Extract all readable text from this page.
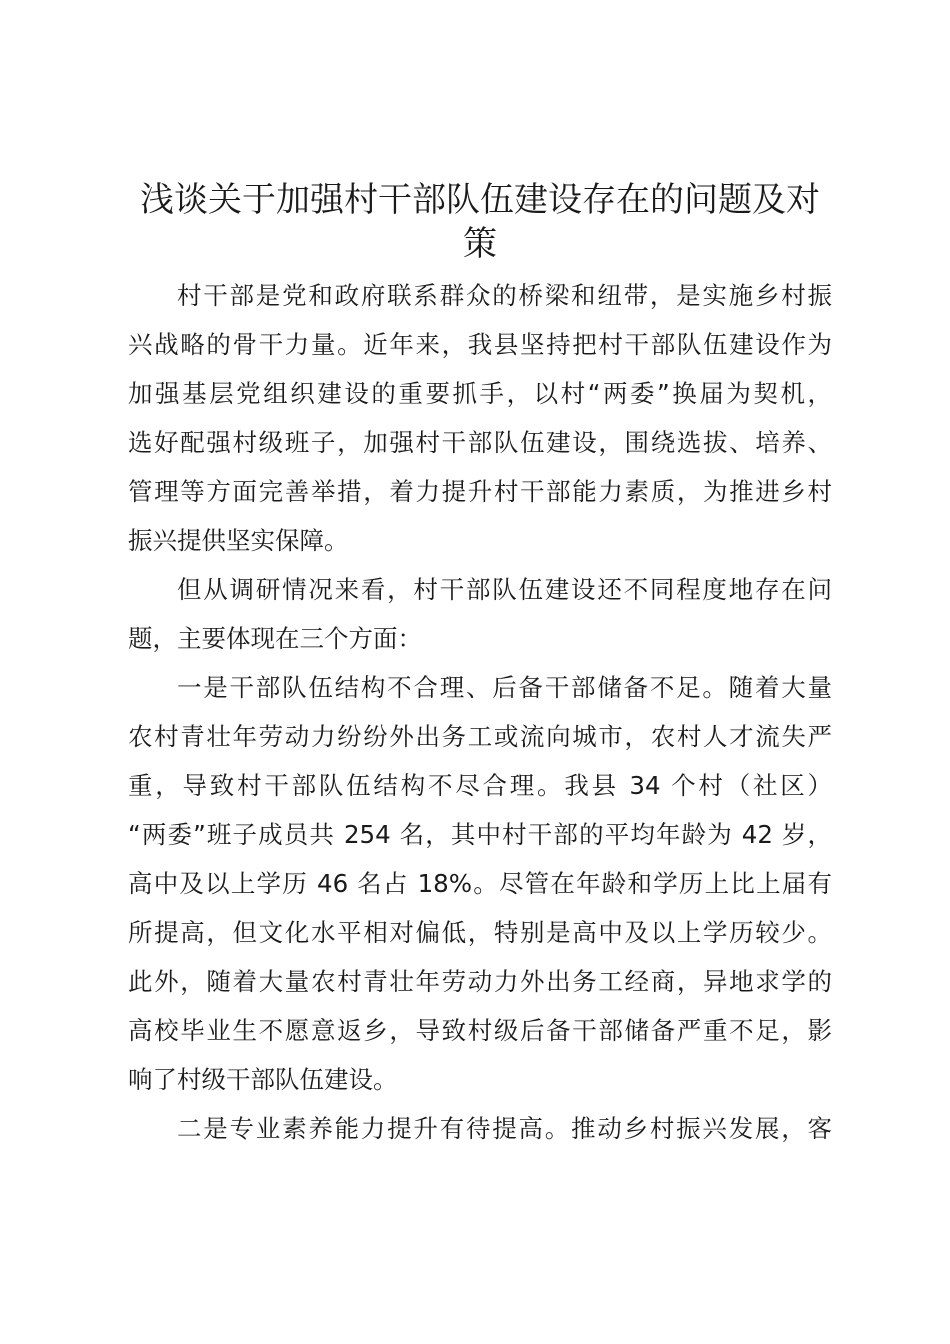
浅谈关于加强村干部队伍建设存在的问题及对
策
村干部是党和政府联系群众的桥梁和纽带，是实施乡村振
兴战略的骨干力量。近年来，我县坚持把村干部队伍建设作为
加强基层党组织建设的重要抓手，以村“两委”换届为契机，
选好配强村级班子，加强村干部队伍建设，围绕选拔、培养、
管理等方面完善举措，着力提升村干部能力素质，为推进乡村
振兴提供坚实保障。
但从调研情况来看，村干部队伍建设还不同程度地存在问
题，主要体现在三个方面：
一是干部队伍结构不合理、后备干部储备不足。随着大量
农村青壮年劳动力纷纷外出务工或流向城市，农村人才流失严
重，导致村干部队伍结构不尽合理。我县 34 个村（社区）
“两委”班子成员共 254 名，其中村干部的平均年龄为 42 岁，
高中及以上学历 46 名占 18%。尽管在年龄和学历上比上届有
所提高，但文化水平相对偏低，特别是高中及以上学历较少。
此外，随着大量农村青壮年劳动力外出务工经商，异地求学的
高校毕业生不愿意返乡，导致村级后备干部储备严重不足，影
响了村级干部队伍建设。
二是专业素养能力提升有待提高。推动乡村振兴发展，客
